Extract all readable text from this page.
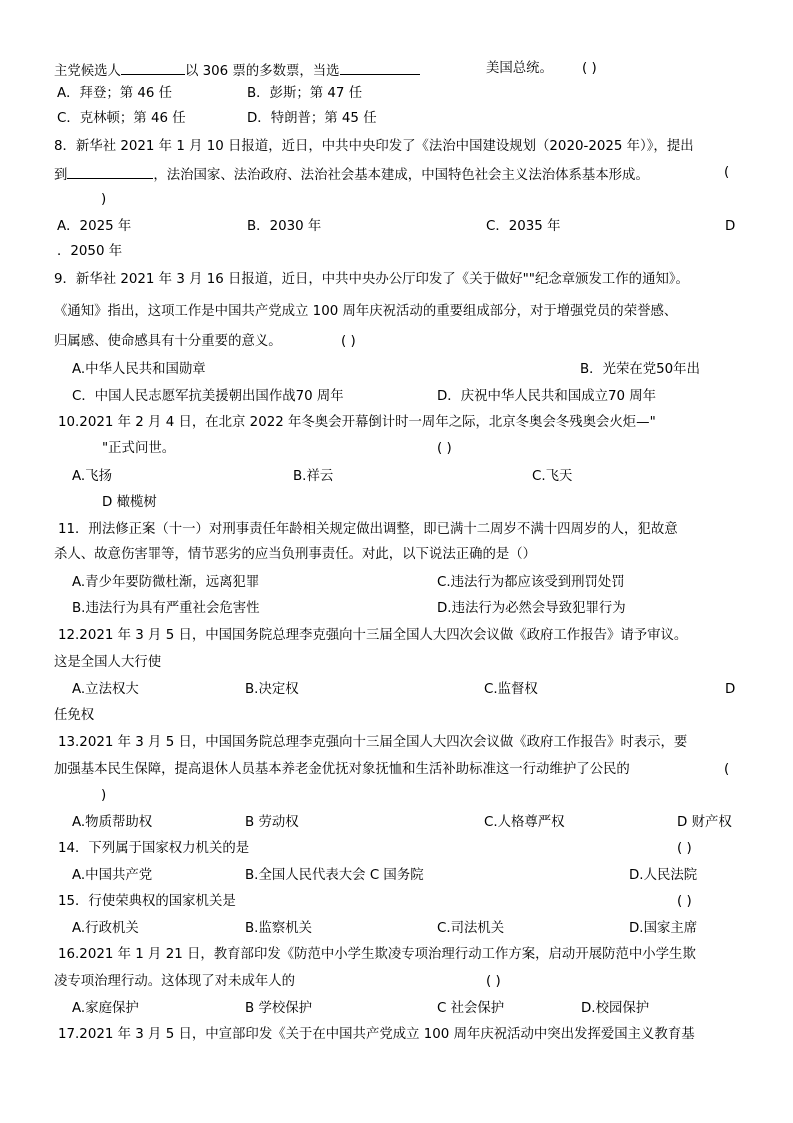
主党候选人	以 306 票的多数票，当选	美国总统。 ( )
A．拜登；第 46 任	B．彭斯；第 47 任
C．克林顿；第 46 任	D．特朗普；第 45 任
8．新华社 2021 年 1 月 10 日报道，近日，中共中央印发了《法治中国建设规划（2020-2025 年）》，提出
到	，法治国家、法治政府、法治社会基本建成，中国特色社会主义法治体系基本形成。	(
)
A．2025 年	B．2030 年	C．2035 年	D
．2050 年
9．新华社 2021 年 3 月 16 日报道，近日，中共中央办公厅印发了《关于做好""纪念章颁发工作的通知》。
《通知》指出，这项工作是中国共产党成立 100 周年庆祝活动的重要组成部分，对于增强党员的荣誉感、
归属感、使命感具有十分重要的意义。	( )
A.中华人民共和国勋章	B．光荣在党50年出
C．中国人民志愿军抗美援朝出国作战70 周年	D．庆祝中华人民共和国成立70 周年
10.2021 年 2 月 4 日，在北京 2022 年冬奥会开幕倒计时一周年之际，北京冬奥会冬残奥会火炬—"
"正式问世。	( )
A.飞扬	B.祥云	C.飞天
D 橄榄树
11．刑法修正案（十一）对刑事责任年龄相关规定做出调整，即已满十二周岁不满十四周岁的人，犯故意
杀人、故意伤害罪等，情节恶劣的应当负刑事责任。对此，以下说法正确的是（）
A.青少年要防微杜渐，远离犯罪	C.违法行为都应该受到刑罚处罚
B.违法行为具有严重社会危害性	D.违法行为必然会导致犯罪行为
12.2021 年 3 月 5 日，中国国务院总理李克强向十三届全国人大四次会议做《政府工作报告》请予审议。
这是全国人大行使
A.立法权大	B.决定权	C.监督权	D
任免权
13.2021 年 3 月 5 日，中国国务院总理李克强向十三届全国人大四次会议做《政府工作报告》时表示，要
加强基本民生保障，提高退休人员基本养老金优抚对象抚恤和生活补助标准这一行动维护了公民的	(
)
A.物质帮助权	B 劳动权	C.人格尊严权	D 财产权
14．下列属于国家权力机关的是	( )
A.中国共产党	B.全国人民代表大会 C 国务院	D.人民法院
15．行使荣典权的国家机关是	( )
A.行政机关	B.监察机关	C.司法机关	D.国家主席
16.2021 年 1 月 21 日，教育部印发《防范中小学生欺凌专项治理行动工作方案，启动开展防范中小学生欺
凌专项治理行动。这体现了对未成年人的	( )
A.家庭保护	B 学校保护	C 社会保护	D.校园保护
17.2021 年 3 月 5 日，中宣部印发《关于在中国共产党成立 100 周年庆祝活动中突出发挥爱国主义教育基
